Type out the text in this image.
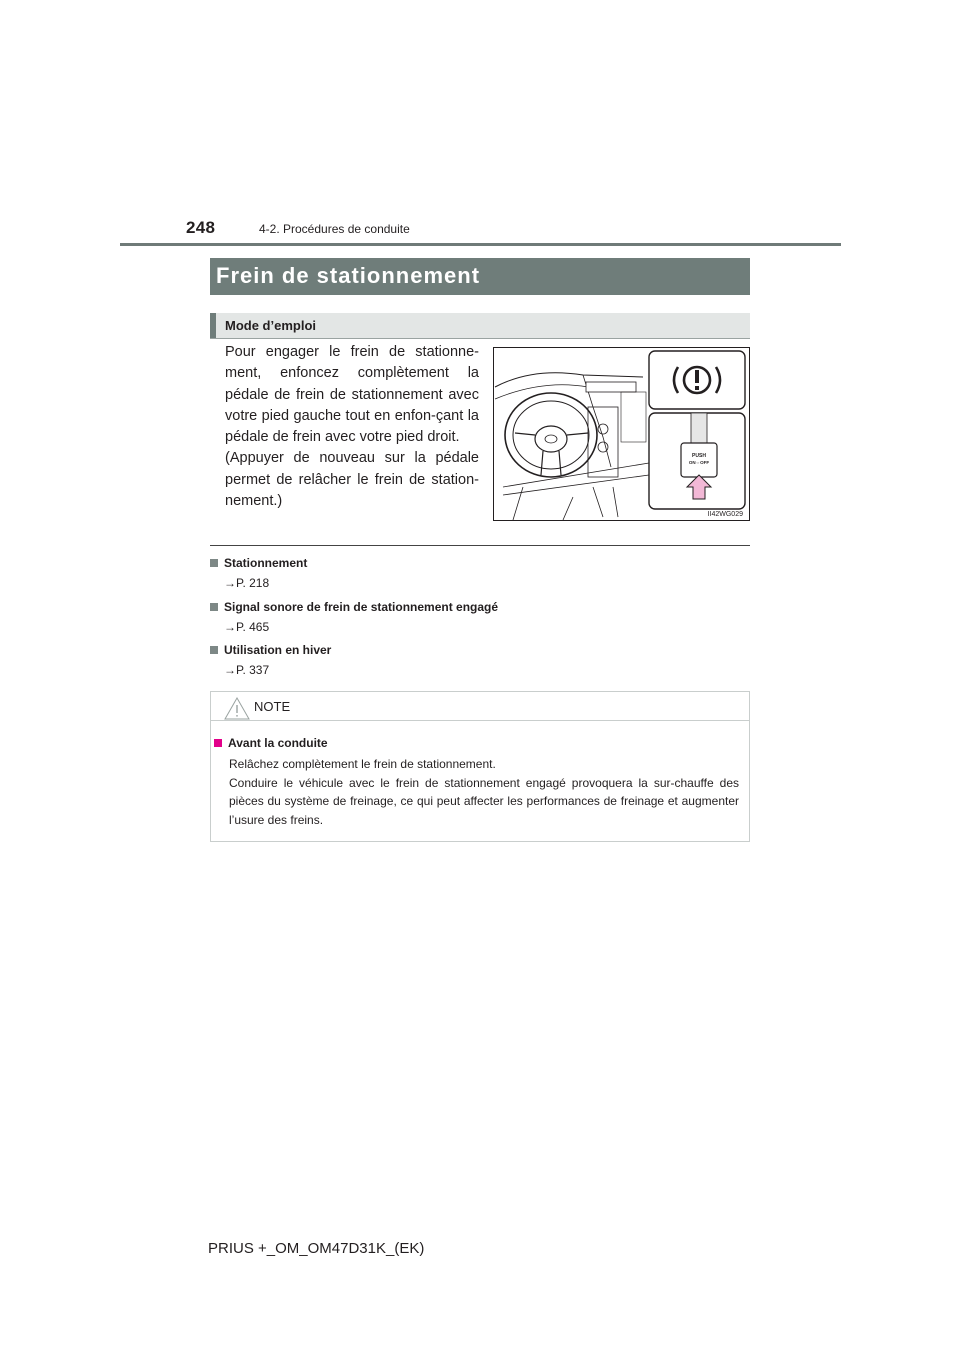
248	4-2. Procédures de conduite
Frein de stationnement
Mode d’emploi

Pour engager le frein de stationne-ment, enfoncez complètement la pédale de frein de stationnement avec votre pied gauche tout en enfon-çant la pédale de frein avec votre pied droit.

(Appuyer de nouveau sur la pédale permet de relâcher le frein de station-nement.)

PUSH
ON⇔OFF
II42WG029
Stationnement
→P. 218
Signal sonore de frein de stationnement engagé
→P. 465
Utilisation en hiver
→P. 337
NOTE
Avant la conduite

Relâchez complètement le frein de stationnement.

Conduire le véhicule avec le frein de stationnement engagé provoquera la sur-chauffe des pièces du système de freinage, ce qui peut affecter les performances de freinage et augmenter l’usure des freins.

PRIUS +_OM_OM47D31K_(EK)
